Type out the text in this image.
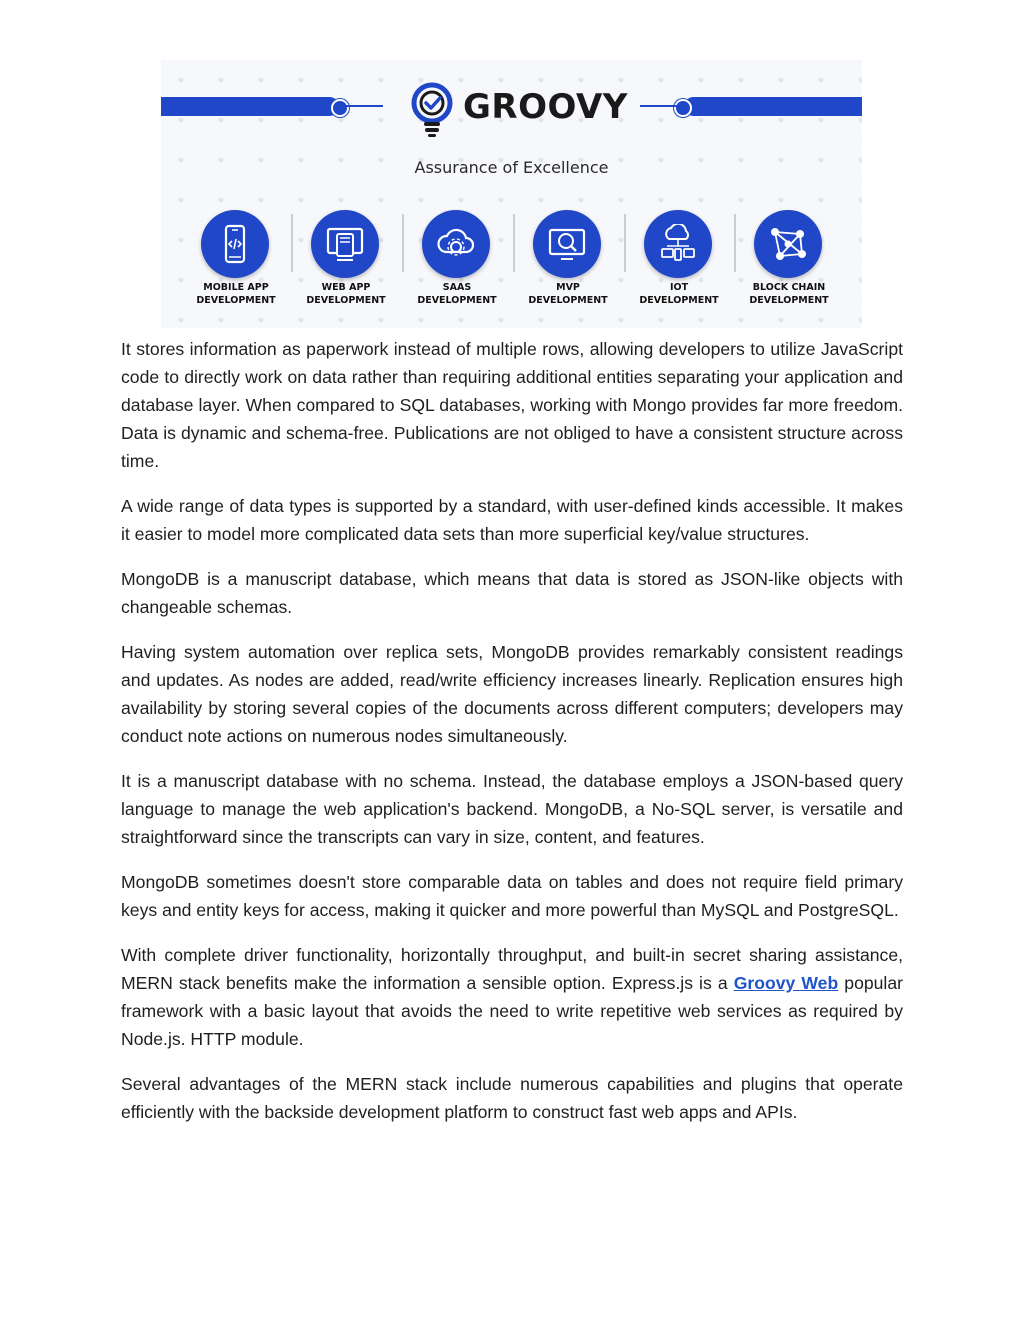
GROOVY
Assurance of Excellence
MOBILE APP
DEVELOPMENT
WEB APP
DEVELOPMENT
SAAS
DEVELOPMENT
MVP
DEVELOPMENT
IOT
DEVELOPMENT
BLOCK CHAIN
DEVELOPMENT

It stores information as paperwork instead of multiple rows, allowing developers to utilize JavaScript code to directly work on data rather than requiring additional entities separating your application and database layer. When compared to SQL databases, working with Mongo provides far more freedom. Data is dynamic and schema-free. Publications are not obliged to have a consistent structure across time.

A wide range of data types is supported by a standard, with user-defined kinds accessible. It makes it easier to model more complicated data sets than more superficial key/value structures.

MongoDB is a manuscript database, which means that data is stored as JSON-like objects with changeable schemas.

Having system automation over replica sets, MongoDB provides remarkably consistent readings and updates. As nodes are added, read/write efficiency increases linearly. Replication ensures high availability by storing several copies of the documents across different computers; developers may conduct note actions on numerous nodes simultaneously.

It is a manuscript database with no schema. Instead, the database employs a JSON-based query language to manage the web application's backend. MongoDB, a No-SQL server, is versatile and straightforward since the transcripts can vary in size, content, and features.

MongoDB sometimes doesn't store comparable data on tables and does not require field primary keys and entity keys for access, making it quicker and more powerful than MySQL and PostgreSQL.

With complete driver functionality, horizontally throughput, and built-in secret sharing assistance, MERN stack benefits make the information a sensible option. Express.js is a Groovy Web popular framework with a basic layout that avoids the need to write repetitive web services as required by Node.js. HTTP module.

Several advantages of the MERN stack include numerous capabilities and plugins that operate efficiently with the backside development platform to construct fast web apps and APIs.
